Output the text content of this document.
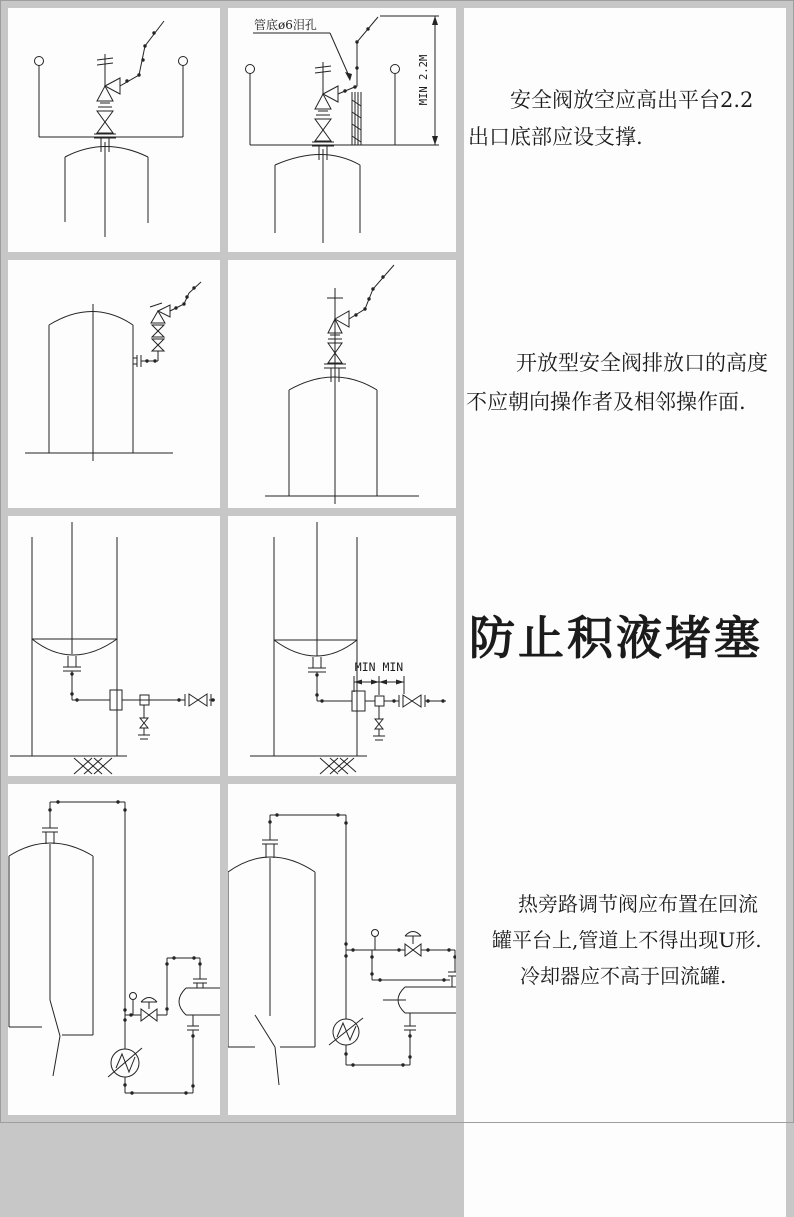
管底ø6泪孔
MIN 2.2M	安全阀放空应高出平台2.2
出口底部应设支撑.
开放型安全阀排放口的高度
不应朝向操作者及相邻操作面.
MIN MIN
防止积液堵塞
热旁路调节阀应布置在回流
罐平台上,管道上不得出现U形.
冷却器应不高于回流罐.
